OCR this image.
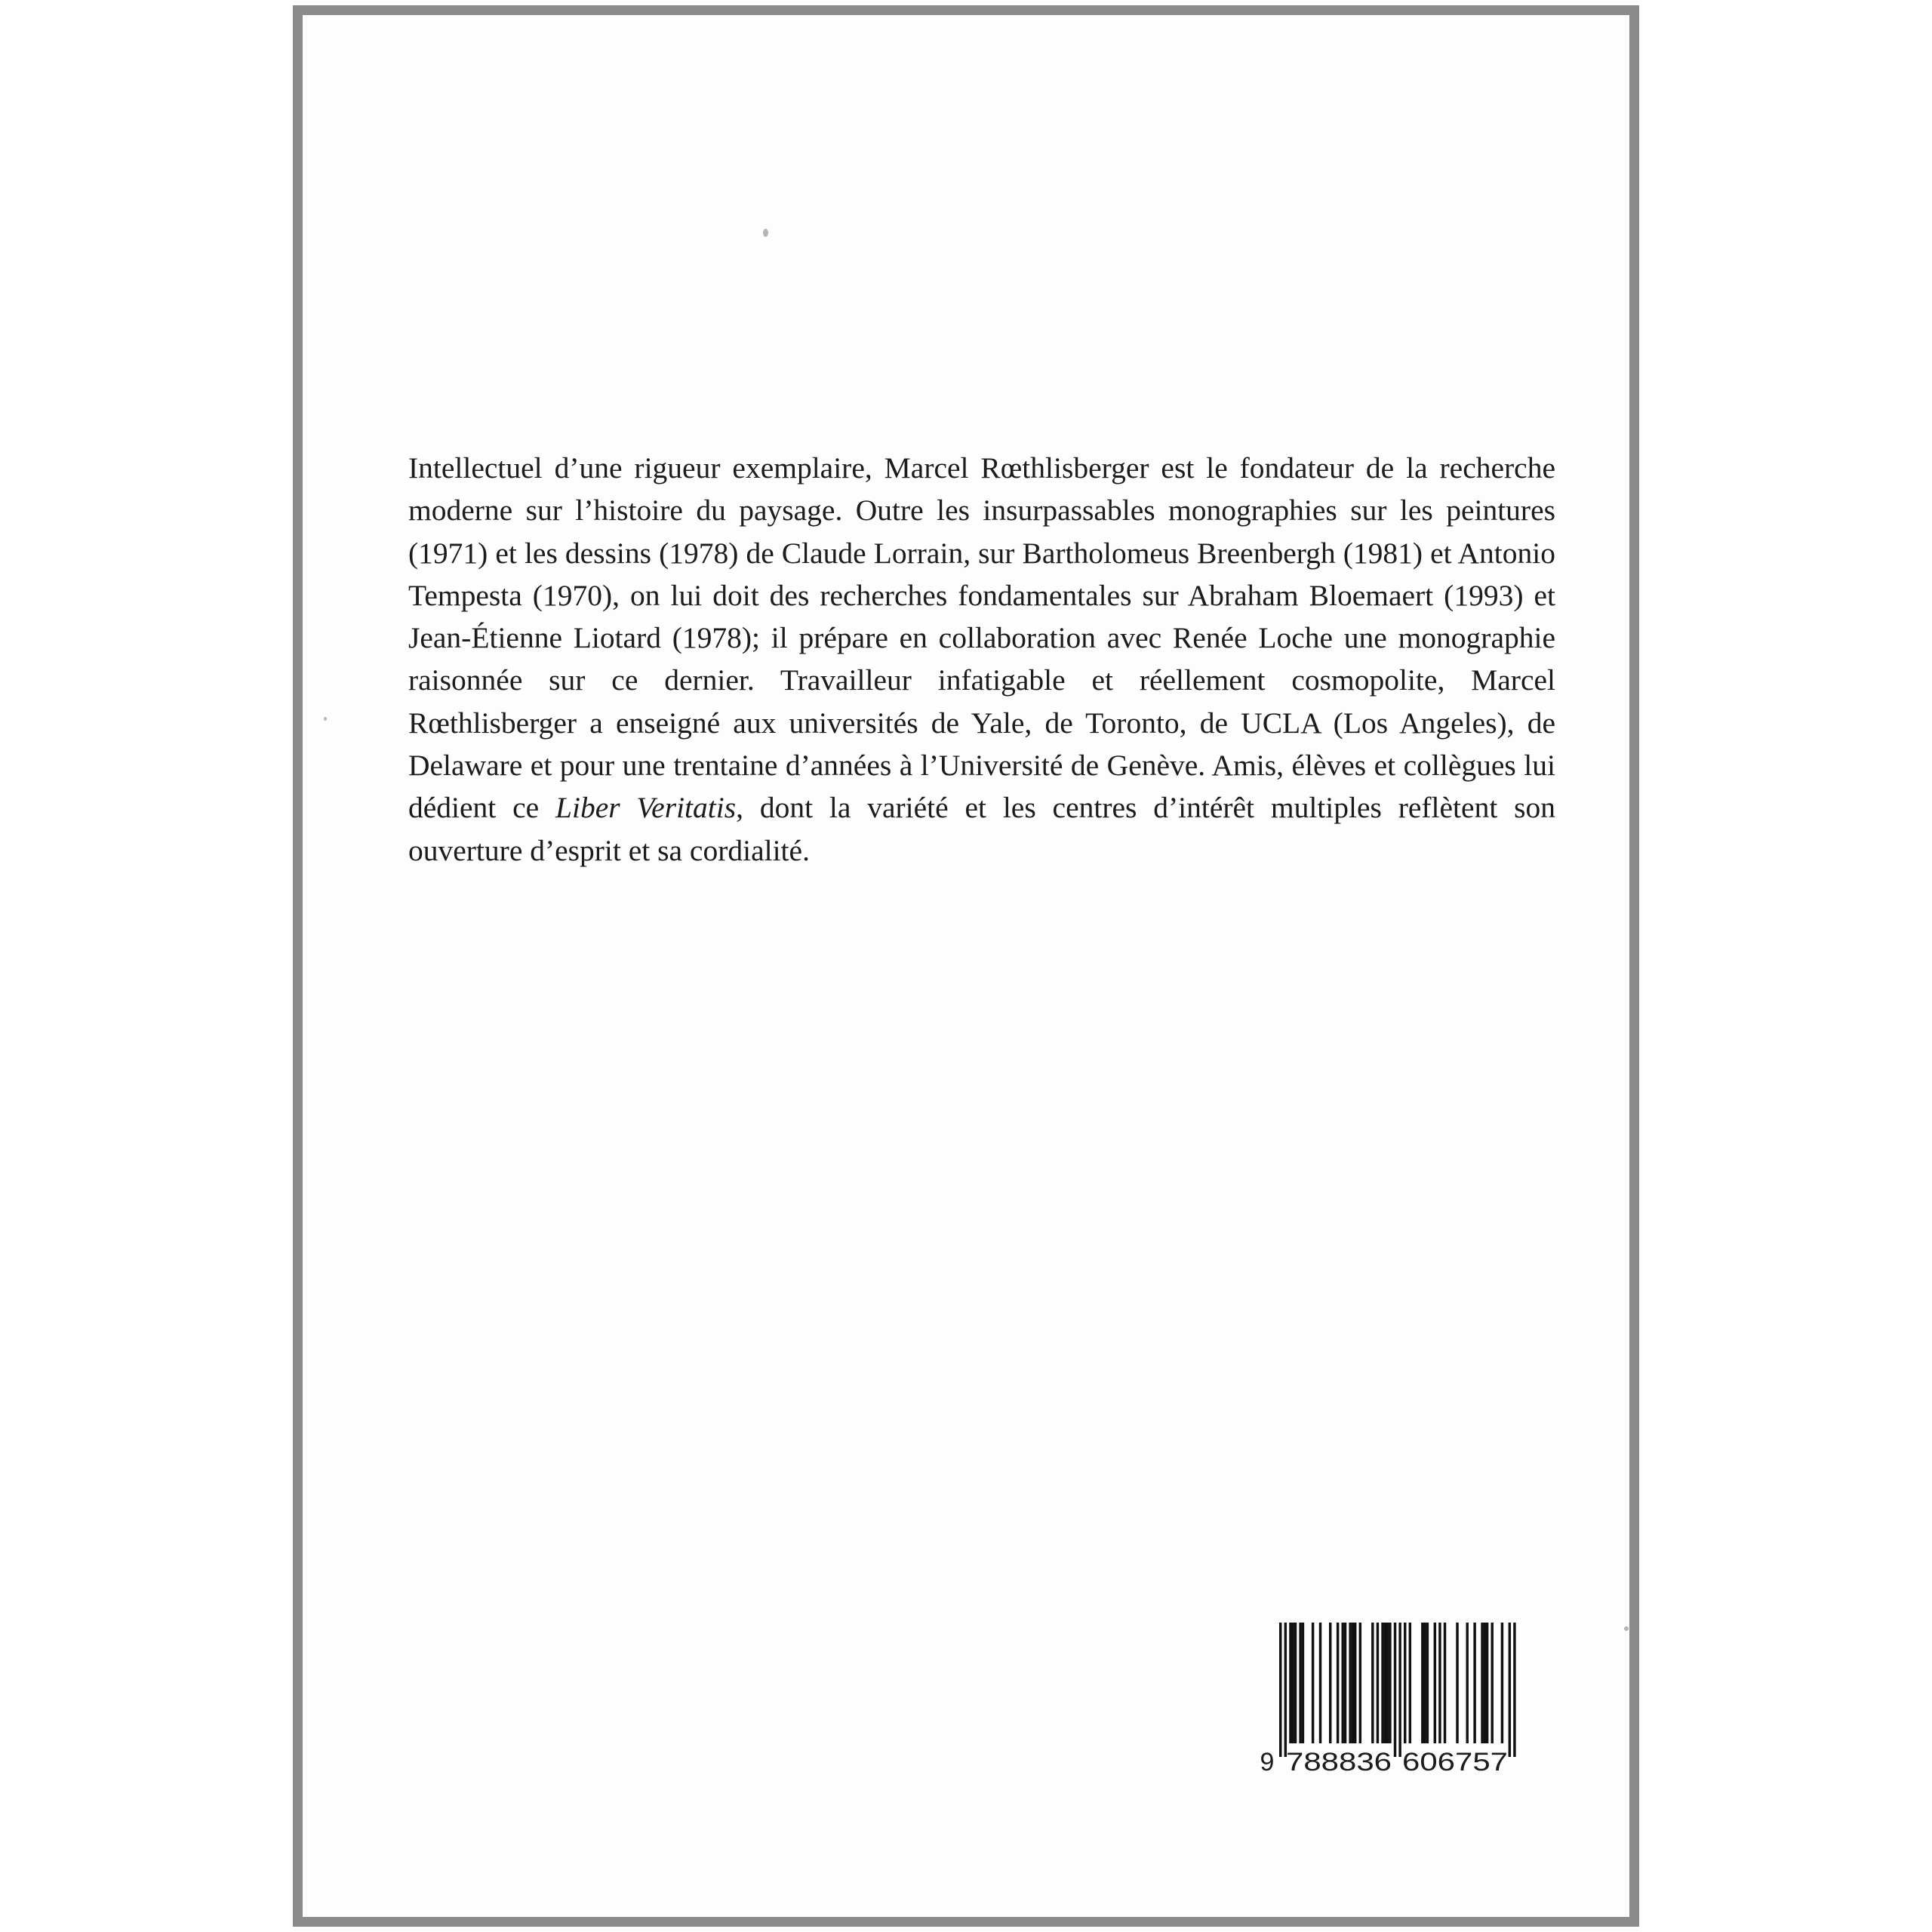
Intellectuel d’une rigueur exemplaire, Marcel Rœthlisberger est le fondateur de la recherche moderne sur l’histoire du paysage. Outre les insurpassables monographies sur les peintures (1971) et les dessins (1978) de Claude Lorrain, sur Bartholomeus Breenbergh (1981) et Antonio Tempesta (1970), on lui doit des recherches fondamentales sur Abraham Bloemaert (1993) et Jean-Étienne Liotard (1978); il prépare en collaboration avec Renée Loche une monographie raisonnée sur ce dernier. Travailleur infatigable et réellement cosmopolite, Marcel Rœthlisberger a enseigné aux universités de Yale, de Toronto, de UCLA (Los Angeles), de Delaware et pour une trentaine d’années à l’Université de Genève. Amis, élèves et collègues lui dédient ce Liber Veritatis, dont la variété et les centres d’intérêt multiples reflètent son ouverture d’esprit et sa cordialité.

9 788836 606757
